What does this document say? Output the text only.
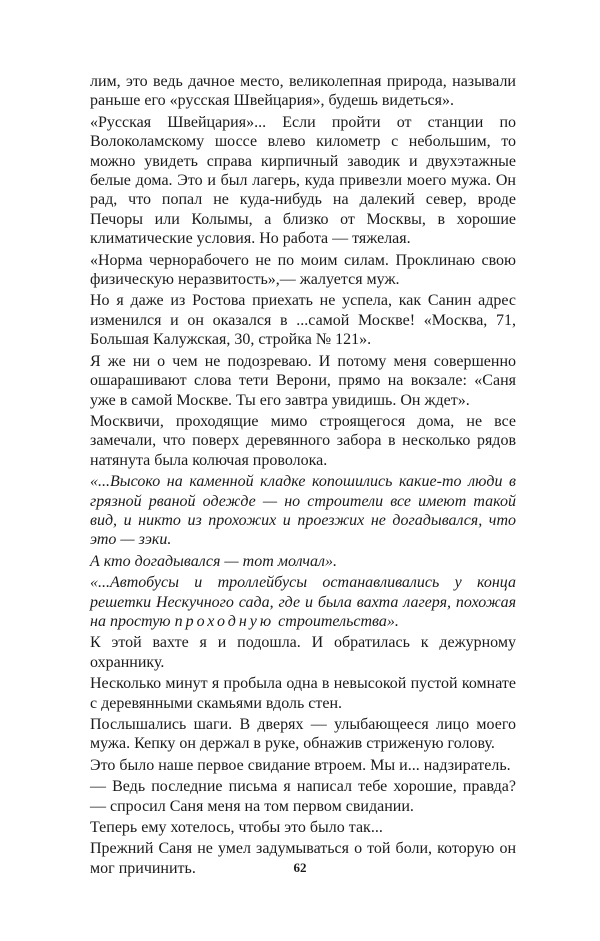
лим, это ведь дачное место, великолепная природа, называли раньше его «русская Швейцария», будешь видеться».

«Русская Швейцария»... Если пройти от станции по Волоколамскому шоссе влево километр с небольшим, то можно увидеть справа кирпичный заводик и двухэтажные белые дома. Это и был лагерь, куда привезли моего мужа. Он рад, что попал не куда-нибудь на далекий север, вроде Печоры или Колымы, а близко от Москвы, в хорошие климатические условия. Но работа — тяжелая.

«Норма чернорабочего не по моим силам. Проклинаю свою физическую неразвитость»,— жалуется муж.

Но я даже из Ростова приехать не успела, как Санин адрес изменился и он оказался в ...самой Москве! «Москва, 71, Большая Калужская, 30, стройка № 121».

Я же ни о чем не подозреваю. И потому меня совершенно ошарашивают слова тети Верони, прямо на вокзале: «Саня уже в самой Москве. Ты его завтра увидишь. Он ждет».

Москвичи, проходящие мимо строящегося дома, не все замечали, что поверх деревянного забора в несколько рядов натянута была колючая проволока.

«...Высоко на каменной кладке копошились какие-то люди в грязной рваной одежде — но строители все имеют такой вид, и никто из прохожих и проезжих не догадывался, что это — зэки.

А кто догадывался — тот молчал».

«...Автобусы и троллейбусы останавливались у конца решетки Нескучного сада, где и была вахта лагеря, похожая на простую проходную строительства».

К этой вахте я и подошла. И обратилась к дежурному охраннику.

Несколько минут я пробыла одна в невысокой пустой комнате с деревянными скамьями вдоль стен.

Послышались шаги. В дверях — улыбающееся лицо моего мужа. Кепку он держал в руке, обнажив стриженую голову.

Это было наше первое свидание втроем. Мы и... надзиратель.

— Ведь последние письма я написал тебе хорошие, правда? — спросил Саня меня на том первом свидании.

Теперь ему хотелось, чтобы это было так...

Прежний Саня не умел задумываться о той боли, которую он мог причинить.	62
